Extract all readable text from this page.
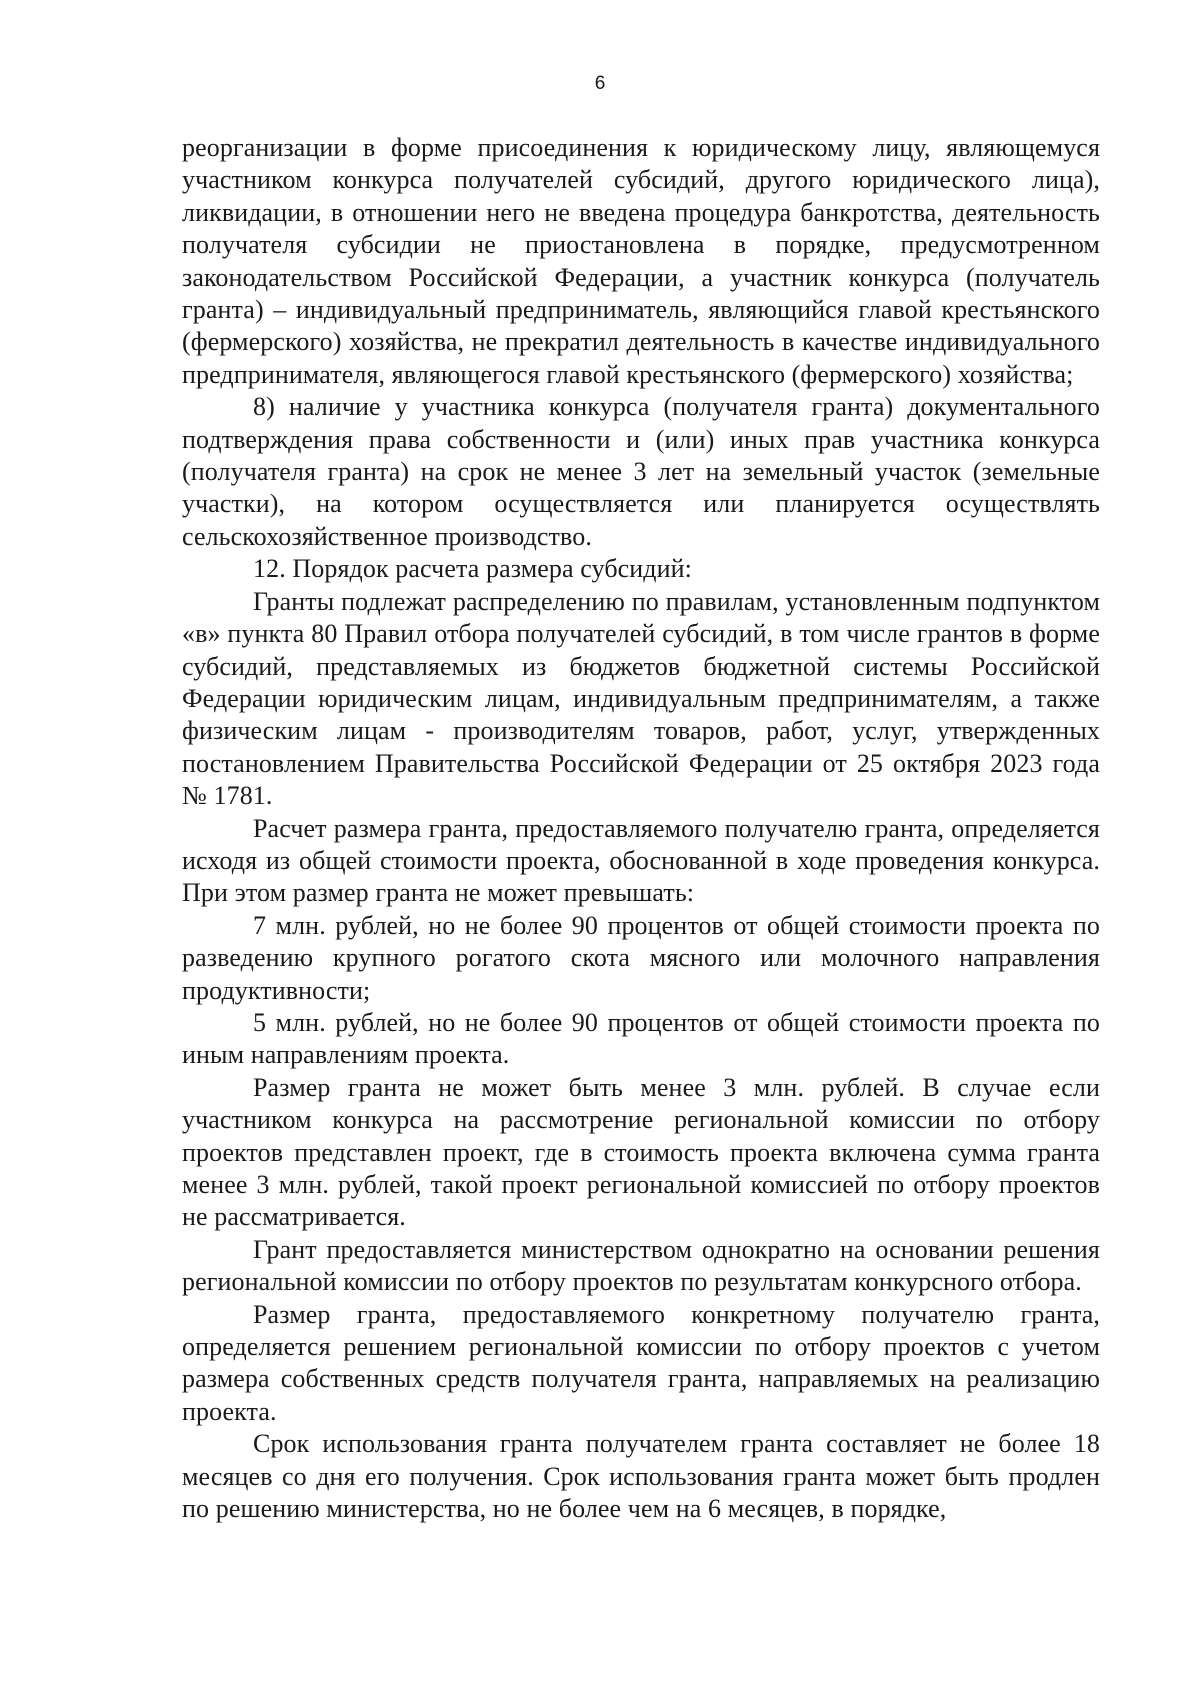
6

реорганизации в форме присоединения к юридическому лицу, являющемуся участником конкурса получателей субсидий, другого юридического лица), ликвидации, в отношении него не введена процедура банкротства, деятельность получателя субсидии не приостановлена в порядке, предусмотренном законодательством Российской Федерации, а участник конкурса (получатель гранта) – индивидуальный предприниматель, являющийся главой крестьянского (фермерского) хозяйства, не прекратил деятельность в качестве индивидуального предпринимателя, являющегося главой крестьянского (фермерского) хозяйства;

8) наличие у участника конкурса (получателя гранта) документального подтверждения права собственности и (или) иных прав участника конкурса (получателя гранта) на срок не менее 3 лет на земельный участок (земельные участки), на котором осуществляется или планируется осуществлять сельскохозяйственное производство.

12. Порядок расчета размера субсидий:

Гранты подлежат распределению по правилам, установленным подпунктом «в» пункта 80 Правил отбора получателей субсидий, в том числе грантов в форме субсидий, представляемых из бюджетов бюджетной системы Российской Федерации юридическим лицам, индивидуальным предпринимателям, а также физическим лицам - производителям товаров, работ, услуг, утвержденных постановлением Правительства Российской Федерации от 25 октября 2023 года № 1781.

Расчет размера гранта, предоставляемого получателю гранта, определяется исходя из общей стоимости проекта, обоснованной в ходе проведения конкурса. При этом размер гранта не может превышать:

7 млн. рублей, но не более 90 процентов от общей стоимости проекта по разведению крупного рогатого скота мясного или молочного направления продуктивности;

5 млн. рублей, но не более 90 процентов от общей стоимости проекта по иным направлениям проекта.

Размер гранта не может быть менее 3 млн. рублей. В случае если участником конкурса на рассмотрение региональной комиссии по отбору проектов представлен проект, где в стоимость проекта включена сумма гранта менее 3 млн. рублей, такой проект региональной комиссией по отбору проектов не рассматривается.

Грант предоставляется министерством однократно на основании решения региональной комиссии по отбору проектов по результатам конкурсного отбора.

Размер гранта, предоставляемого конкретному получателю гранта, определяется решением региональной комиссии по отбору проектов с учетом размера собственных средств получателя гранта, направляемых на реализацию проекта.

Срок использования гранта получателем гранта составляет не более 18 месяцев со дня его получения. Срок использования гранта может быть продлен по решению министерства, но не более чем на 6 месяцев, в порядке,
